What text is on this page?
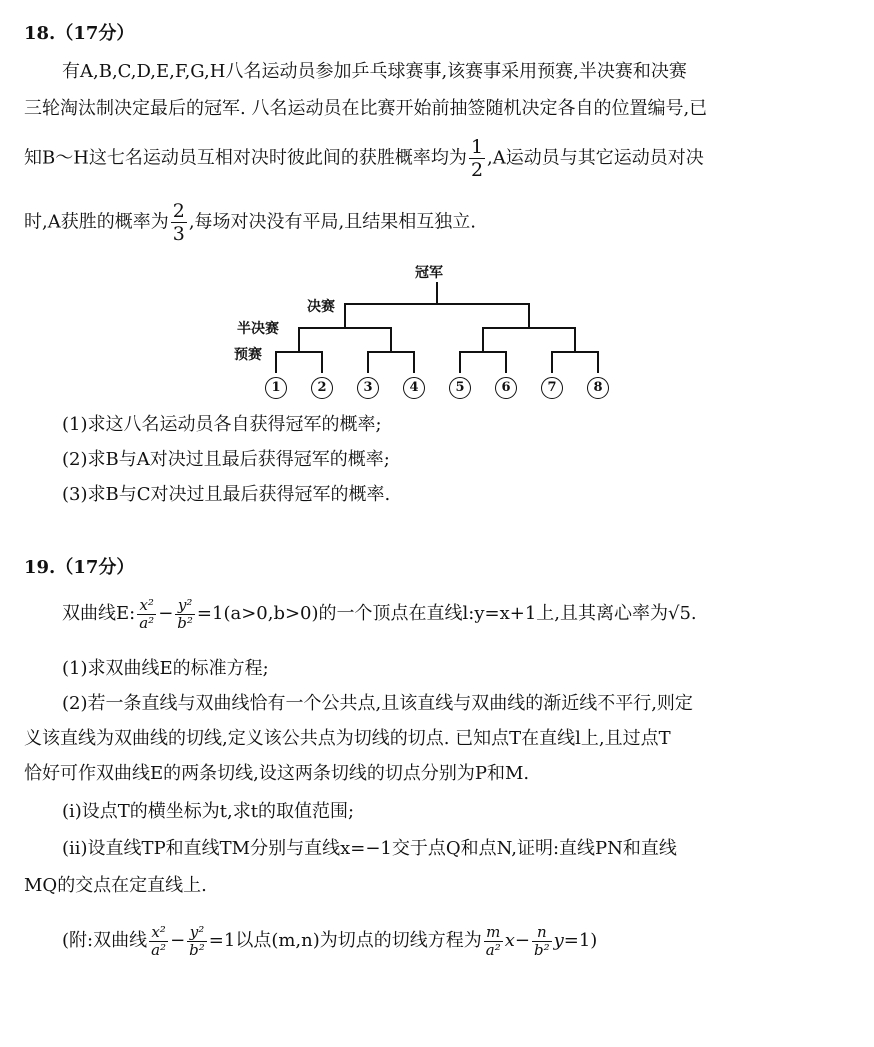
18.（17分）
有A,B,C,D,E,F,G,H八名运动员参加乒乓球赛事,该赛事采用预赛,半决赛和决赛
三轮淘汰制决定最后的冠军. 八名运动员在比赛开始前抽签随机决定各自的位置编号,已
知B～H这七名运动员互相对决时彼此间的获胜概率均为 $\frac{1}{2} ,A$运动员与其它运动员对决
时,A获胜的概率为 $\frac{2}{3}$ ,每场对决没有平局,且结果相互独立.
冠军
决赛
半决赛
预赛
1	2	3	4	5	6	7	8
(1)求这八名运动员各自获得冠军的概率;
(2)求B与A对决过且最后获得冠军的概率;
(3)求B与C对决过且最后获得冠军的概率.
19.（17分）
双曲线E: $\frac{\text{x²}}{\text{a²}} - \frac{\text{y²}}{\text{b²}} =1(a>0,b>0)$的一个顶点在直线l:y=x+1上,且其离心率为√5.
(1)求双曲线E的标准方程;
(2)若一条直线与双曲线恰有一个公共点,且该直线与双曲线的渐近线不平行,则定
义该直线为双曲线的切线,定义该公共点为切线的切点. 已知点T在直线l上,且过点T
恰好可作双曲线E的两条切线,设这两条切线的切点分别为P和M.
(i)设点T的横坐标为t,求t的取值范围;
(ii)设直线TP和直线TM分别与直线x=−1交于点Q和点N,证明:直线PN和直线
MQ的交点在定直线上.
(附:双曲线 $\frac{\text{x²}}{\text{a²}} - \frac{\text{y²}}{\text{b²}} =1$以点(m,n)为切点的切线方程为 $\frac{m}{\text{a²}} x- \frac{n}{\text{b²}} y=1$)
